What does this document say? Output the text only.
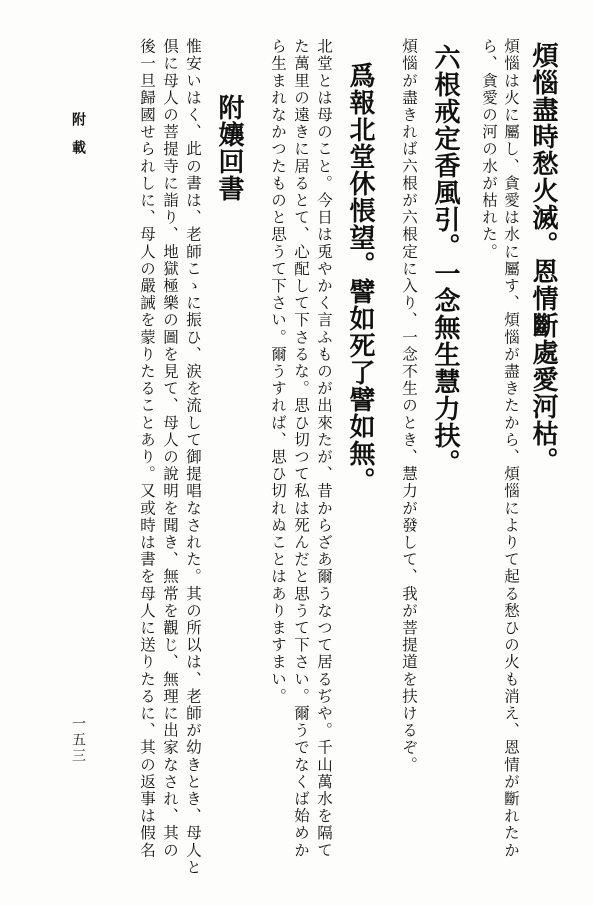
煩惱盡時愁火滅。恩情斷處愛河枯。
煩惱は火に屬し、貪愛は水に屬す、煩惱が盡きたから、煩惱によりて起る愁ひの火も消え、恩情が斷れたか
ら、貪愛の河の水が枯れた。
六根戒定香風引。一念無生慧力扶。
煩惱が盡きれば六根が六根定に入り、一念不生のとき、慧力が發して、我が菩提道を扶けるぞ。
爲報北堂休悵望。譬如死了譬如無。
北堂とは母のこと。今日は兎やかく言ふものが出來たが、昔からざあ爾うなつて居るぢや。千山萬水を隔て
た萬里の遠きに居るとて、心配して下さるな。思ひ切つて私は死んだと思うて下さい。爾うでなくば始めか
ら生まれなかつたものと思うて下さい。爾うすれば、思ひ切れぬことはありますまい。
附孃回書
惟安いはく、此の書は、老師こゝに振ひ、涙を流して御提唱なされた。其の所以は、老師が幼きとき、母人と
倶に母人の菩提寺に詣り、地獄極樂の圖を見て、母人の說明を聞き、無常を觀じ、無理に出家なされ、其の
後一旦歸國せられしに、母人の嚴誡を蒙りたることあり。又或時は書を母人に送りたるに、其の返事は假名
附載
一五三
